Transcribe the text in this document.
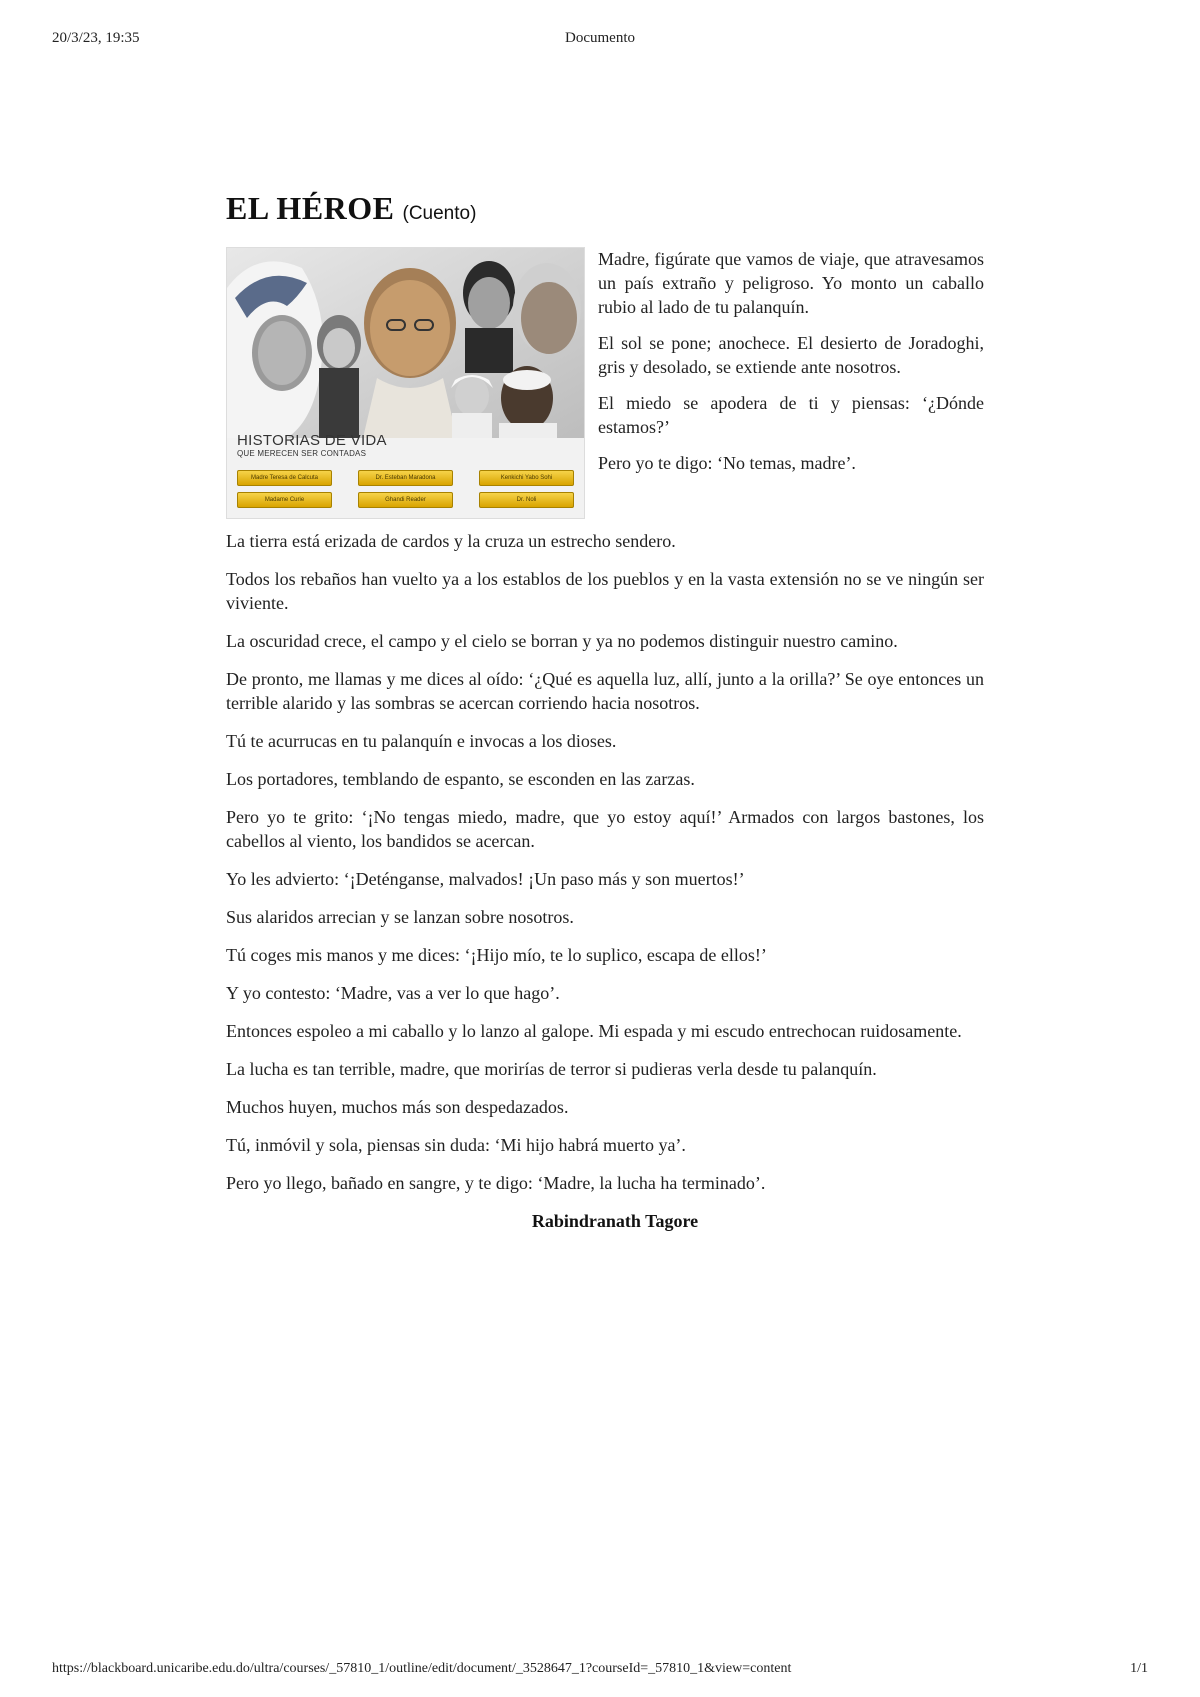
20/3/23, 19:35	Documento
EL HÉROE (Cuento)
HISTORIAS DE VIDA
QUE MERECEN SER CONTADAS
Madre Teresa de Calcuta	Dr. Esteban Maradona	Kenkichi Yabo Sohi
Madame Curie	Ghandi Reader	Dr. Noli

Madre, figúrate que vamos de viaje, que atravesamos un país extraño y peligroso. Yo monto un caballo rubio al lado de tu palanquín.

El sol se pone; anochece. El desierto de Joradoghi, gris y desolado, se extiende ante nosotros.

El miedo se apodera de ti y piensas: ‘¿Dónde estamos?’

Pero yo te digo: ‘No temas, madre’.

La tierra está erizada de cardos y la cruza un estrecho sendero.

Todos los rebaños han vuelto ya a los establos de los pueblos y en la vasta extensión no se ve ningún ser viviente.

La oscuridad crece, el campo y el cielo se borran y ya no podemos distinguir nuestro camino.

De pronto, me llamas y me dices al oído: ‘¿Qué es aquella luz, allí, junto a la orilla?’ Se oye entonces un terrible alarido y las sombras se acercan corriendo hacia nosotros.

Tú te acurrucas en tu palanquín e invocas a los dioses.

Los portadores, temblando de espanto, se esconden en las zarzas.

Pero yo te grito: ‘¡No tengas miedo, madre, que yo estoy aquí!’ Armados con largos bastones, los cabellos al viento, los bandidos se acercan.

Yo les advierto: ‘¡Deténganse, malvados! ¡Un paso más y son muertos!’

Sus alaridos arrecian y se lanzan sobre nosotros.

Tú coges mis manos y me dices: ‘¡Hijo mío, te lo suplico, escapa de ellos!’

Y yo contesto: ‘Madre, vas a ver lo que hago’.

Entonces espoleo a mi caballo y lo lanzo al galope. Mi espada y mi escudo entrechocan ruidosamente.

La lucha es tan terrible, madre, que morirías de terror si pudieras verla desde tu palanquín.

Muchos huyen, muchos más son despedazados.

Tú, inmóvil y sola, piensas sin duda: ‘Mi hijo habrá muerto ya’.

Pero yo llego, bañado en sangre, y te digo: ‘Madre, la lucha ha terminado’.

Rabindranath Tagore
https://blackboard.unicaribe.edu.do/ultra/courses/_57810_1/outline/edit/document/_3528647_1?courseId=_57810_1&view=content	1/1
